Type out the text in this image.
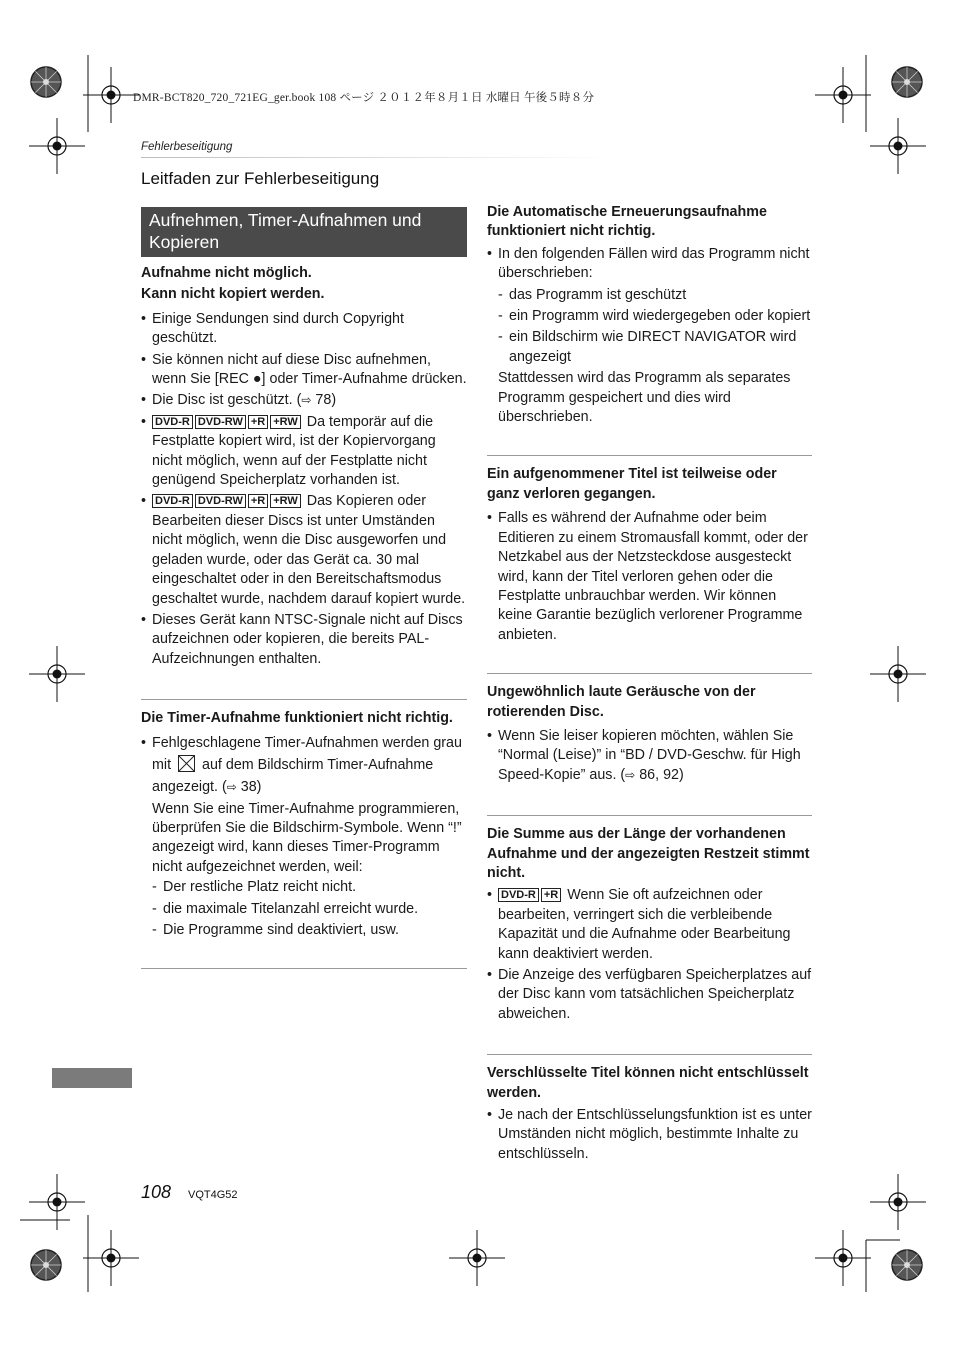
DMR-BCT820_720_721EG_ger.book 108 ページ ２０１２年８月１日 水曜日 午後５時８分
Fehlerbeseitigung
Leitfaden zur Fehlerbeseitigung
Aufnehmen, Timer-Aufnahmen und Kopieren

Aufnahme nicht möglich.

Kann nicht kopiert werden.

• Einige Sendungen sind durch Copyright geschützt.
• Sie können nicht auf diese Disc aufnehmen, wenn Sie [REC ●] oder Timer-Aufnahme drücken.
• Die Disc ist geschützt. (⇨ 78)
• DVD-R DVD-RW +R +RW Da temporär auf die Festplatte kopiert wird, ist der Kopiervorgang nicht möglich, wenn auf der Festplatte nicht genügend Speicherplatz vorhanden ist.
• DVD-R DVD-RW +R +RW Das Kopieren oder Bearbeiten dieser Discs ist unter Umständen nicht möglich, wenn die Disc ausgeworfen und geladen wurde, oder das Gerät ca. 30 mal eingeschaltet oder in den Bereitschaftsmodus geschaltet wurde, nachdem darauf kopiert wurde.
• Dieses Gerät kann NTSC-Signale nicht auf Discs aufzeichnen oder kopieren, die bereits PAL-Aufzeichnungen enthalten.

Die Timer-Aufnahme funktioniert nicht richtig.

• Fehlgeschlagene Timer-Aufnahmen werden grau mit ☒ auf dem Bildschirm Timer-Aufnahme angezeigt. (⇨ 38)

Wenn Sie eine Timer-Aufnahme programmieren, überprüfen Sie die Bildschirm-Symbole. Wenn “!” angezeigt wird, kann dieses Timer-Programm nicht aufgezeichnet werden, weil:

- Der restliche Platz reicht nicht.
- die maximale Titelanzahl erreicht wurde.
- Die Programme sind deaktiviert, usw.

Die Automatische Erneuerungsaufnahme funktioniert nicht richtig.

• In den folgenden Fällen wird das Programm nicht überschrieben:
- das Programm ist geschützt
- ein Programm wird wiedergegeben oder kopiert
- ein Bildschirm wie DIRECT NAVIGATOR wird angezeigt

Stattdessen wird das Programm als separates Programm gespeichert und dies wird überschrieben.

Ein aufgenommener Titel ist teilweise oder ganz verloren gegangen.

• Falls es während der Aufnahme oder beim Editieren zu einem Stromausfall kommt, oder der Netzkabel aus der Netzsteckdose ausgesteckt wird, kann der Titel verloren gehen oder die Festplatte unbrauchbar werden. Wir können keine Garantie bezüglich verlorener Programme anbieten.

Ungewöhnlich laute Geräusche von der rotierenden Disc.

• Wenn Sie leiser kopieren möchten, wählen Sie “Normal (Leise)” in “BD / DVD-Geschw. für High Speed-Kopie” aus. (⇨ 86, 92)

Die Summe aus der Länge der vorhandenen Aufnahme und der angezeigten Restzeit stimmt nicht.

• DVD-R +R Wenn Sie oft aufzeichnen oder bearbeiten, verringert sich die verbleibende Kapazität und die Aufnahme oder Bearbeitung kann deaktiviert werden.
• Die Anzeige des verfügbaren Speicherplatzes auf der Disc kann vom tatsächlichen Speicherplatz abweichen.

Verschlüsselte Titel können nicht entschlüsselt werden.

• Je nach der Entschlüsselungsfunktion ist es unter Umständen nicht möglich, bestimmte Inhalte zu entschlüsseln.
108 VQT4G52
